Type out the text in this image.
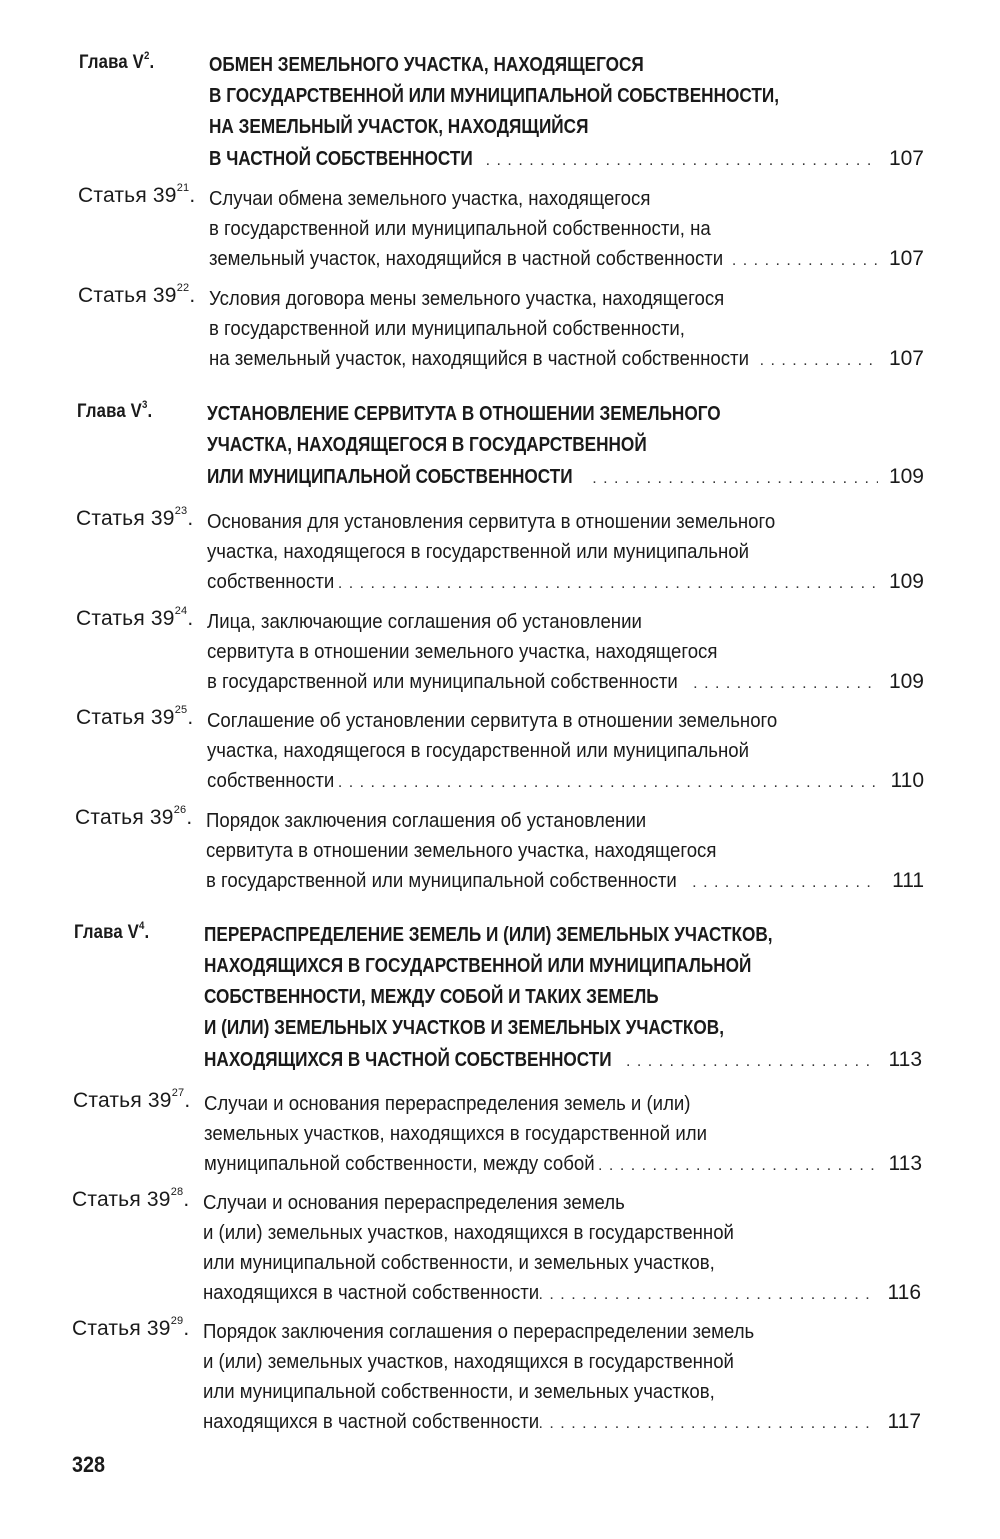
Глава $V^2$.	ОБМЕН ЗЕМЕЛЬНОГО УЧАСТКА, НАХОДЯЩЕГОСЯ
В ГОСУДАРСТВЕННОЙ ИЛИ МУНИЦИПАЛЬНОЙ СОБСТВЕННОСТИ,
НА ЗЕМЕЛЬНЫЙ УЧАСТОК, НАХОДЯЩИЙСЯ
В ЧАСТНОЙ СОБСТВЕННОСТИ . . .	107
Статья $39^{21}$. Случаи обмена земельного участка, находящегося
в государственной или муниципальной собственности, на
земельный участок, находящийся в частной собственности . . .	107
Статья $39^{22}$. Условия договора мены земельного участка, находящегося
в государственной или муниципальной собственности,
на земельный участок, находящийся в частной собственности . . .	107
Глава $V^3$.	УСТАНОВЛЕНИЕ СЕРВИТУТА В ОТНОШЕНИИ ЗЕМЕЛЬНОГО
УЧАСТКА, НАХОДЯЩЕГОСЯ В ГОСУДАРСТВЕННОЙ
ИЛИ МУНИЦИПАЛЬНОЙ СОБСТВЕННОСТИ . . .	109
Статья $39^{23}$. Основания для установления сервитута в отношении земельного
участка, находящегося в государственной или муниципальной
собственности . . .	109
Статья $39^{24}$. Лица, заключающие соглашения об установлении
сервитута в отношении земельного участка, находящегося
в государственной или муниципальной собственности . . .	109
Статья $39^{25}$. Соглашение об установлении сервитута в отношении земельного
участка, находящегося в государственной или муниципальной
собственности . . .	110
Статья $39^{26}$. Порядок заключения соглашения об установлении
сервитута в отношении земельного участка, находящегося
в государственной или муниципальной собственности . . .	111
Глава $V^4$.	ПЕРЕРАСПРЕДЕЛЕНИЕ ЗЕМЕЛЬ И (ИЛИ) ЗЕМЕЛЬНЫХ УЧАСТКОВ,
НАХОДЯЩИХСЯ В ГОСУДАРСТВЕННОЙ ИЛИ МУНИЦИПАЛЬНОЙ
СОБСТВЕННОСТИ, МЕЖДУ СОБОЙ И ТАКИХ ЗЕМЕЛЬ
И (ИЛИ) ЗЕМЕЛЬНЫХ УЧАСТКОВ И ЗЕМЕЛЬНЫХ УЧАСТКОВ,
НАХОДЯЩИХСЯ В ЧАСТНОЙ СОБСТВЕННОСТИ . . .	113
Статья $39^{27}$. Случаи и основания перераспределения земель и (или)
земельных участков, находящихся в государственной или
муниципальной собственности, между собой . . .	113
Статья $39^{28}$. Случаи и основания перераспределения земель
и (или) земельных участков, находящихся в государственной
или муниципальной собственности, и земельных участков,
находящихся в частной собственности . . .	116
Статья $39^{29}$. Порядок заключения соглашения о перераспределении земель
и (или) земельных участков, находящихся в государственной
или муниципальной собственности, и земельных участков,
находящихся в частной собственности . . .	117
328
